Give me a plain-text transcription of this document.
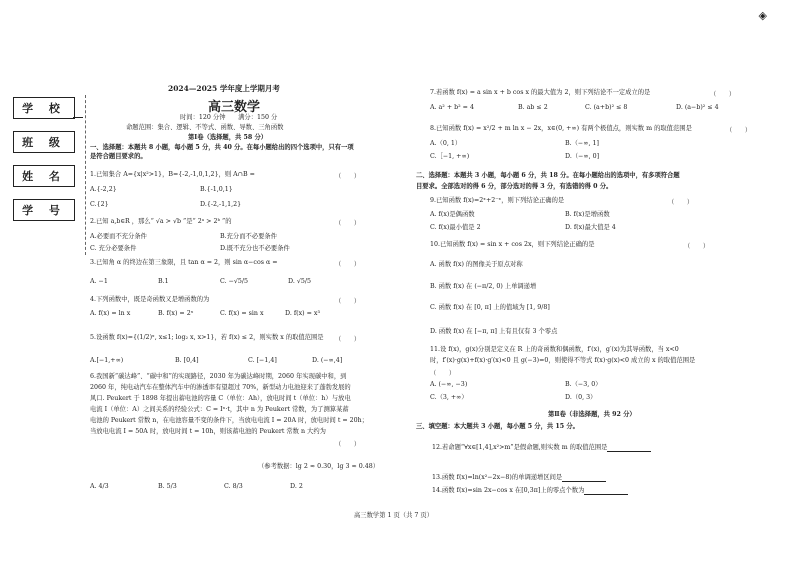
◈
学 校
班 级
姓 名
学 号
2024—2025 学年度上学期月考
高三数学
时间：120 分钟　　满分：150 分
命题范围：集合、逻辑、不等式、函数、导数、三角函数
第Ⅰ卷（选择题，共 58 分）
一、选择题：本题共 8 小题，每小题 5 分，共 40 分。在每小题给出的四个选项中，只有一项
是符合题目要求的。
1.已知集合 A={x|x²>1}，B={-2,-1,0,1,2}，则 A∩B =	（　　）
A.{-2,2}	B.{-1,0,1}
C.{2}	D.{-2,-1,1,2}
2.已知 a,b∈R ，那么“ √a > √b ”是“ 2ᵃ > 2ᵇ ”的	（　　）
A.必要而不充分条件	B.充分而不必要条件
C. 充分必要条件	D.既不充分也不必要条件
3.已知角 α 的终边在第三象限，且 tan α = 2，则 sin α−cos α =	（　　）
A. −1	B.1	C. −√5/5	D. √5/5
4.下列函数中，既是奇函数又是增函数的为	（　　）
A. f(x) = ln x	B. f(x) = 2ˣ	C. f(x) = sin x	D. f(x) = x³
5.设函数 f(x)={(1/2)ˣ, x≤1; log₂ x, x>1}，若 f(x) ≤ 2，则实数 x 的取值范围是 （　　）
A.[−1,+∞)	B. [0,4]	C. [−1,4]	D. (−∞,4]
6.我国新“碳达峰”、“碳中和”的实现路径，2030 年为碳达峰时期，2060 年实现碳中和，到
2060 年，纯电动汽车在整体汽车中的渗透率有望超过 70%，新型动力电池迎来了蓬勃发展的
风口. Peukert 于 1898 年提出蓄电池的容量 C（单位：Ah），放电时间 t（单位：h）与放电
电流 I（单位：A）之间关系的经验公式：C = Iⁿ·t，其中 n 为 Peukert 常数，为了测算某蓄
电池的 Peukert 常数 n，在电池容量不变的条件下，当放电电流 I = 20A 时，放电时间 t = 20h；
当放电电流 I = 50A 时，放电时间 t = 10h，则该蓄电池的 Peukert 常数 n 大约为
（　　）
（参考数据：lg 2 ≈ 0.30，lg 3 ≈ 0.48）
A. 4/3	B. 5/3	C. 8/3	D. 2
7.若函数 f(x) = a sin x + b cos x 的最大值为 2，则下列结论不一定成立的是	（　　）
A. a² + b² = 4	B. ab ≤ 2	C. (a+b)² ≤ 8	D. (a−b)² ≤ 4
8.已知函数 f(x) = x²/2 + m ln x − 2x，x∈(0, +∞) 有两个极值点，则实数 m 的取值范围是	（　　）
A.（0, 1）	B.（−∞, 1]
C.［−1, +∞)	D.（−∞, 0]
二、选择题：本题共 3 小题，每小题 6 分，共 18 分。在每小题给出的选项中，有多项符合题
目要求。全部选对的得 6 分，部分选对的得 3 分，有选错的得 0 分。
9.已知函数 f(x)=2ˣ+2⁻ˣ，则下列结论正确的是	（　　）
A. f(x)是偶函数	B. f(x)是增函数
C. f(x)最小值是 2	D. f(x)最大值是 4
10.已知函数 f(x) = sin x + cos 2x，则下列结论正确的是	（　　）
A. 函数 f(x) 的图像关于原点对称
B. 函数 f(x) 在 (−π/2, 0) 上单调递增
C. 函数 f(x) 在 [0, π] 上的值域为 [1, 9/8]
D. 函数 f(x) 在 [−π, π] 上有且仅有 3 个零点
11.设 f(x)，g(x)分别是定义在 R 上的奇函数和偶函数，f′(x)，g′(x)为其导函数，当 x<0
时，f′(x)·g(x)+f(x)·g′(x)<0 且 g(−3)=0，则使得不等式 f(x)·g(x)<0 成立的 x 的取值范围是
（　　）
A. (−∞, −3)	B.（−3, 0）
C.（3, +∞）	D.（0, 3）
第Ⅱ卷（非选择题，共 92 分）
三、填空题：本大题共 3 小题，每小题 5 分，共 15 分。
12.若命题“∀x∈[1,4],x²>m”是假命题,则实数 m 的取值范围是
13.函数 f(x)=ln(x²−2x−8)的单调递增区间是
14.函数 f(x)=sin 2x−cos x 在[0,3π]上的零点个数为
高三数学第 1 页（共 7 页）
